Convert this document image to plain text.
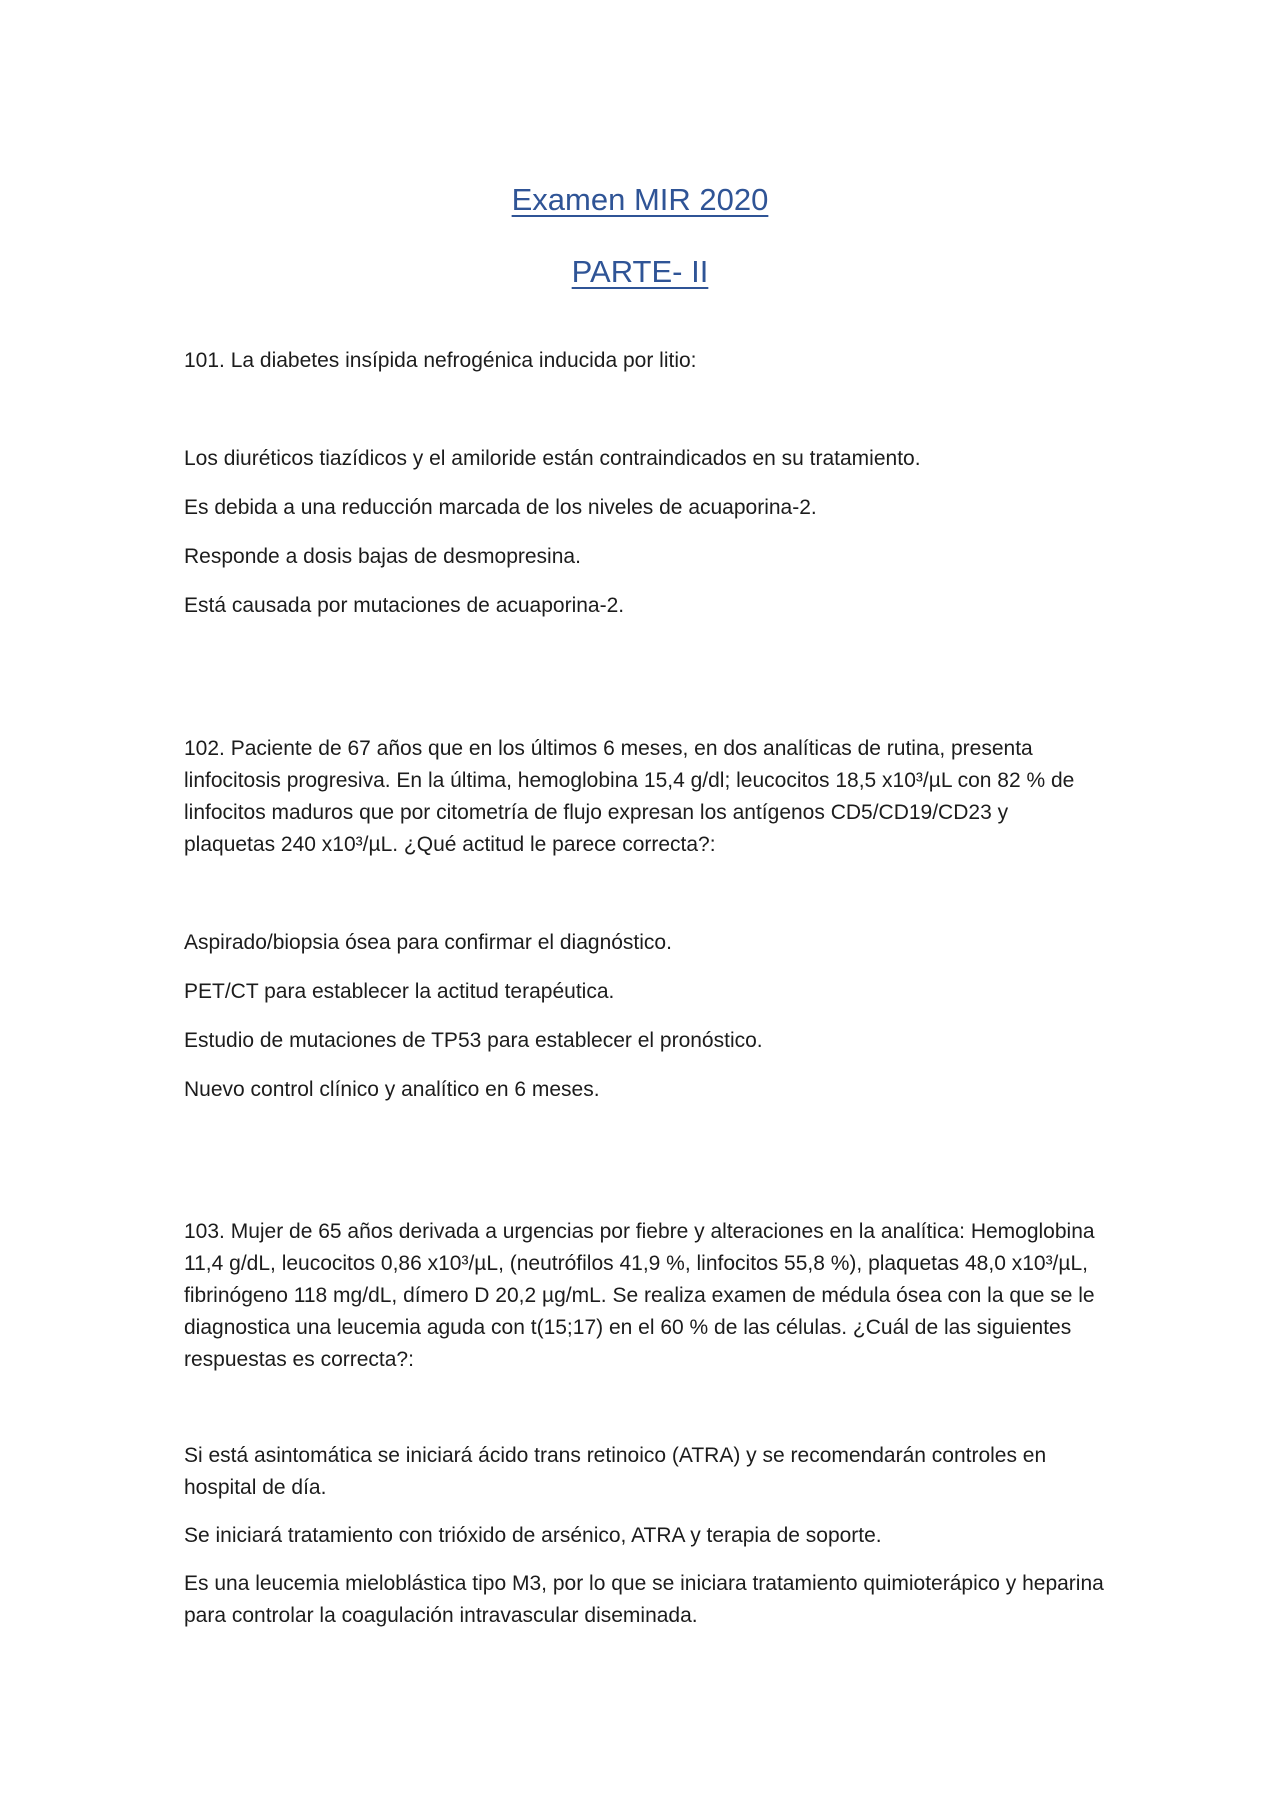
Examen MIR 2020
PARTE- II

101. La diabetes insípida nefrogénica inducida por litio:

Los diuréticos tiazídicos y el amiloride están contraindicados en su tratamiento.
Es debida a una reducción marcada de los niveles de acuaporina-2.
Responde a dosis bajas de desmopresina.
Está causada por mutaciones de acuaporina-2.

102. Paciente de 67 años que en los últimos 6 meses, en dos analíticas de rutina, presenta linfocitosis progresiva. En la última, hemoglobina 15,4 g/dl; leucocitos 18,5 x10³/µL con 82 % de linfocitos maduros que por citometría de flujo expresan los antígenos CD5/CD19/CD23 y plaquetas 240 x10³/µL. ¿Qué actitud le parece correcta?:

Aspirado/biopsia ósea para confirmar el diagnóstico.
PET/CT para establecer la actitud terapéutica.
Estudio de mutaciones de TP53 para establecer el pronóstico.
Nuevo control clínico y analítico en 6 meses.

103. Mujer de 65 años derivada a urgencias por fiebre y alteraciones en la analítica: Hemoglobina 11,4 g/dL, leucocitos 0,86 x10³/µL, (neutrófilos 41,9 %, linfocitos 55,8 %), plaquetas 48,0 x10³/µL, fibrinógeno 118 mg/dL, dímero D 20,2 µg/mL. Se realiza examen de médula ósea con la que se le diagnostica una leucemia aguda con t(15;17) en el 60 % de las células. ¿Cuál de las siguientes respuestas es correcta?:

Si está asintomática se iniciará ácido trans retinoico (ATRA) y se recomendarán controles en hospital de día.
Se iniciará tratamiento con trióxido de arsénico, ATRA y terapia de soporte.
Es una leucemia mieloblástica tipo M3, por lo que se iniciara tratamiento quimioterápico y heparina para controlar la coagulación intravascular diseminada.
